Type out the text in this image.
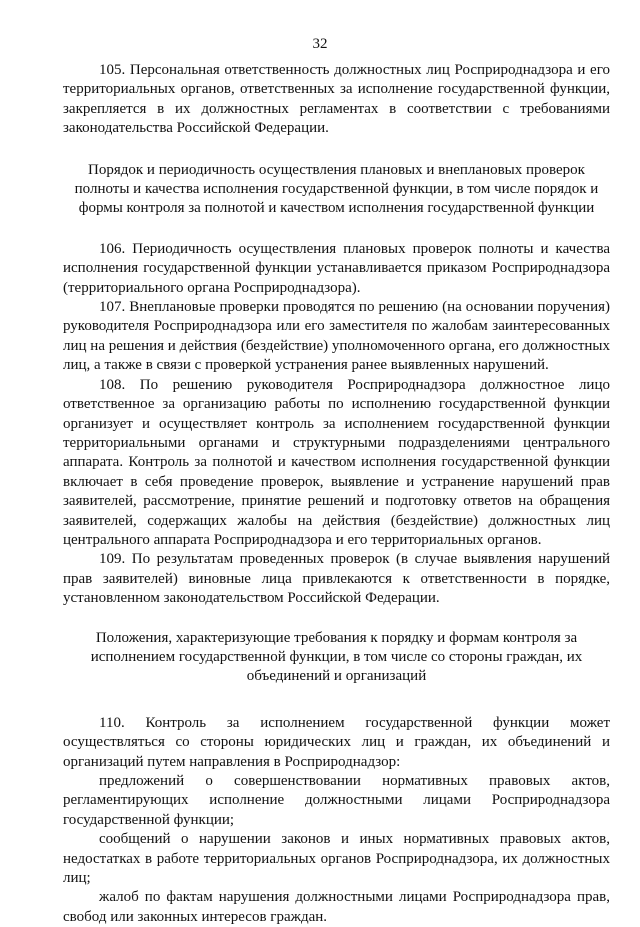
32

105. Персональная ответственность должностных лиц Росприроднадзора и его территориальных органов, ответственных за исполнение государственной функции, закрепляется в их должностных регламентах в соответствии с требованиями законодательства Российской Федерации.

Порядок и периодичность осуществления плановых и внеплановых проверок полноты и качества исполнения государственной функции, в том числе порядок и формы контроля за полнотой и качеством исполнения государственной функции

106. Периодичность осуществления плановых проверок полноты и качества исполнения государственной функции устанавливается приказом Росприроднадзора (территориального органа Росприроднадзора).

107. Внеплановые проверки проводятся по решению (на основании поручения) руководителя Росприроднадзора или его заместителя по жалобам заинтересованных лиц на решения и действия (бездействие) уполномоченного органа, его должностных лиц, а также в связи с проверкой устранения ранее выявленных нарушений.

108. По решению руководителя Росприроднадзора должностное лицо ответственное за организацию работы по исполнению государственной функции организует и осуществляет контроль за исполнением государственной функции территориальными органами и структурными подразделениями центрального аппарата. Контроль за полнотой и качеством исполнения государственной функции включает в себя проведение проверок, выявление и устранение нарушений прав заявителей, рассмотрение, принятие решений и подготовку ответов на обращения заявителей, содержащих жалобы на действия (бездействие) должностных лиц центрального аппарата Росприроднадзора и его территориальных органов.

109. По результатам проведенных проверок (в случае выявления нарушений прав заявителей) виновные лица привлекаются к ответственности в порядке, установленном законодательством Российской Федерации.

Положения, характеризующие требования к порядку и формам контроля за исполнением государственной функции, в том числе со стороны граждан, их объединений и организаций

110. Контроль за исполнением государственной функции может осуществляться со стороны юридических лиц и граждан, их объединений и организаций путем направления в Росприроднадзор:

предложений о совершенствовании нормативных правовых актов, регламентирующих исполнение должностными лицами Росприроднадзора государственной функции;

сообщений о нарушении законов и иных нормативных правовых актов, недостатках в работе территориальных органов Росприроднадзора, их должностных лиц;

жалоб по фактам нарушения должностными лицами Росприроднадзора прав, свобод или законных интересов граждан.
